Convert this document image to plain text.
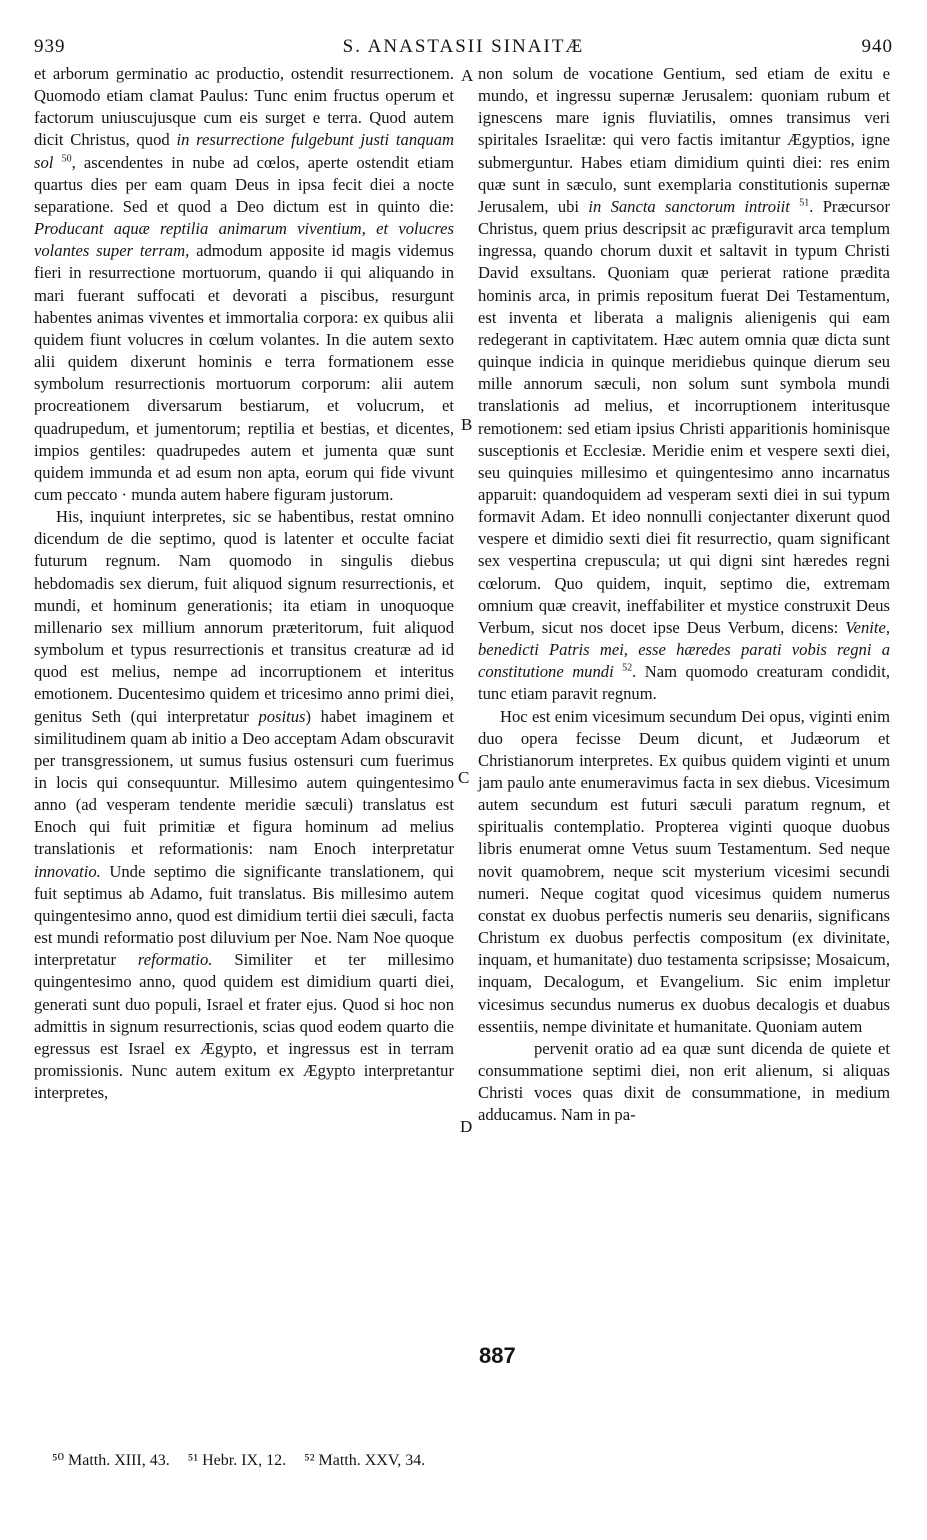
939	S. ANASTASII SINAITÆ	940
A
B
C
D

et arborum germinatio ac productio, ostendit resurrectionem. Quomodo etiam clamat Paulus: Tunc enim fructus operum et factorum uniuscujusque cum eis surget e terra. Quod autem dicit Christus, quod in resurrectione fulgebunt justi tanquam sol $^{50}$, ascendentes in nube ad cœlos, aperte ostendit etiam quartus dies per eam quam Deus in ipsa fecit diei a nocte separatione. Sed et quod a Deo dictum est in quinto die: Producant aquæ reptilia animarum viventium, et volucres volantes super terram, admodum apposite id magis videmus fieri in resurrectione mortuorum, quando ii qui aliquando in mari fuerant suffocati et devorati a piscibus, resurgunt habentes animas viventes et immortalia corpora: ex quibus alii quidem fiunt volucres in cœlum volantes. In die autem sexto alii quidem dixerunt hominis e terra formationem esse symbolum resurrectionis mortuorum corporum: alii autem procreationem diversarum bestiarum, et volucrum, et quadrupedum, et jumentorum; reptilia et bestias, et dicentes, impios gentiles: quadrupedes autem et jumenta quæ sunt quidem immunda et ad esum non apta, eorum qui fide vivunt cum peccato · munda autem habere figuram justorum.

His, inquiunt interpretes, sic se habentibus, restat omnino dicendum de die septimo, quod is latenter et occulte faciat futurum regnum. Nam quomodo in singulis diebus hebdomadis sex dierum, fuit aliquod signum resurrectionis, et mundi, et hominum generationis; ita etiam in unoquoque millenario sex millium annorum præteritorum, fuit aliquod symbolum et typus resurrectionis et transitus creaturæ ad id quod est melius, nempe ad incorruptionem et interitus emotionem. Ducentesimo quidem et tricesimo anno primi diei, genitus Seth (qui interpretatur positus) habet imaginem et similitudinem quam ab initio a Deo acceptam Adam obscuravit per transgressionem, ut sumus fusius ostensuri cum fuerimus in locis qui consequuntur. Millesimo autem quingentesimo anno (ad vesperam tendente meridie sæculi) translatus est Enoch qui fuit primitiæ et figura hominum ad melius translationis et reformationis: nam Enoch interpretatur innovatio. Unde septimo die significante translationem, qui fuit septimus ab Adamo, fuit translatus. Bis millesimo autem quingentesimo anno, quod est dimidium tertii diei sæculi, facta est mundi reformatio post diluvium per Noe. Nam Noe quoque interpretatur reformatio. Similiter et ter millesimo quingentesimo anno, quod quidem est dimidium quarti diei, generati sunt duo populi, Israel et frater ejus. Quod si hoc non admittis in signum resurrectionis, scias quod eodem quarto die egressus est Israel ex Ægypto, et ingressus est in terram promissionis. Nunc autem exitum ex Ægypto interpretantur interpretes,

non solum de vocatione Gentium, sed etiam de exitu e mundo, et ingressu supernæ Jerusalem: quoniam rubum et ignescens mare ignis fluviatilis, omnes transimus veri spiritales Israelitæ: qui vero factis imitantur Ægyptios, igne submerguntur. Habes etiam dimidium quinti diei: res enim quæ sunt in sæculo, sunt exemplaria constitutionis supernæ Jerusalem, ubi in Sancta sanctorum introiit $^{51}$. Præcursor Christus, quem prius descripsit ac præfiguravit arca templum ingressa, quando chorum duxit et saltavit in typum Christi David exsultans. Quoniam quæ perierat ratione prædita hominis arca, in primis repositum fuerat Dei Testamentum, est inventa et liberata a malignis alienigenis qui eam redegerant in captivitatem. Hæc autem omnia quæ dicta sunt quinque indicia in quinque meridiebus quinque dierum seu mille annorum sæculi, non solum sunt symbola mundi translationis ad melius, et incorruptionem interitusque remotionem: sed etiam ipsius Christi apparitionis hominisque susceptionis et Ecclesiæ. Meridie enim et vespere sexti diei, seu quinquies millesimo et quingentesimo anno incarnatus apparuit: quandoquidem ad vesperam sexti diei in sui typum formavit Adam. Et ideo nonnulli conjectanter dixerunt quod vespere et dimidio sexti diei fit resurrectio, quam significant sex vespertina crepuscula; ut qui digni sint hæredes regni cœlorum. Quo quidem, inquit, septimo die, extremam omnium quæ creavit, ineffabiliter et mystice construxit Deus Verbum, sicut nos docet ipse Deus Verbum, dicens: Venite, benedicti Patris mei, esse hæredes parati vobis regni a constitutione mundi $^{52}$. Nam quomodo creaturam condidit, tunc etiam paravit regnum.

Hoc est enim vicesimum secundum Dei opus, viginti enim duo opera fecisse Deum dicunt, et Judæorum et Christianorum interpretes. Ex quibus quidem viginti et unum jam paulo ante enumeravimus facta in sex diebus. Vicesimum autem secundum est futuri sæculi paratum regnum, et spiritualis contemplatio. Propterea viginti quoque duobus libris enumerat omne Vetus suum Testamentum. Sed neque novit quamobrem, neque scit mysterium vicesimi secundi numeri. Neque cogitat quod vicesimus quidem numerus constat ex duobus perfectis numeris seu denariis, significans Christum ex duobus perfectis compositum (ex divinitate, inquam, et humanitate) duo testamenta scripsisse; Mosaicum, inquam, Decalogum, et Evangelium. Sic enim impletur vicesimus secundus numerus ex duobus decalogis et duabus essentiis, nempe divinitate et humanitate. Quoniam autem
pervenit oratio ad ea quæ sunt dicenda de quiete et consummatione septimi diei, non erit alienum, si aliquas Christi voces quas dixit de consummatione, in medium adducamus. Nam in pa-

887
⁵⁰ Matth. XIII, 43. ⁵¹ Hebr. IX, 12. ⁵² Matth. XXV, 34.
